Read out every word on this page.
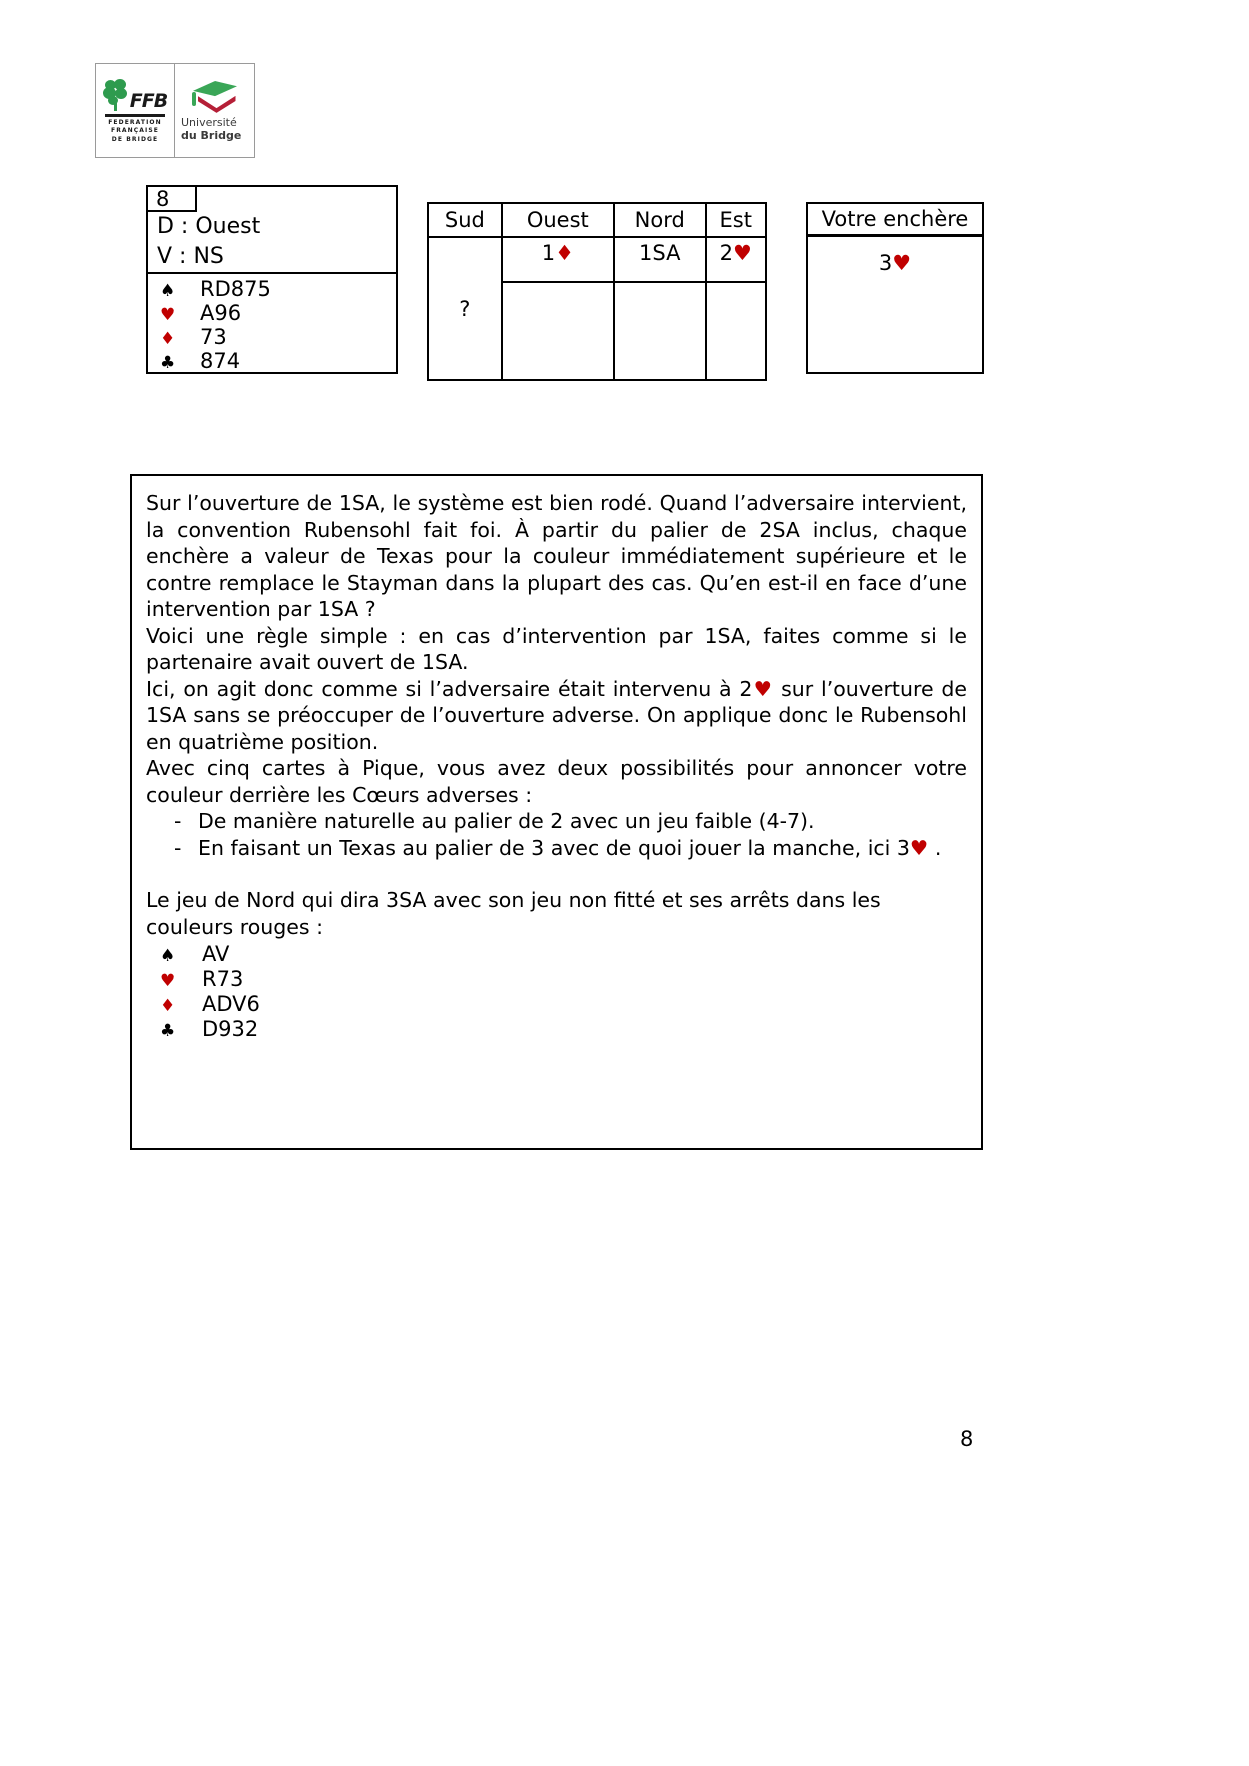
FFB
FEDERATION
FRANÇAISE
DE BRIDGE
Université
du Bridge
D : Ouest
V : NS
♠	RD875
♥	A96
♦	73
♣	874
8
Sud	Ouest	Nord	Est
?	1♦	1SA	2♥

Votre enchère
3♥

Sur l’ouverture de 1SA, le système est bien rodé. Quand l’adversaire intervient, la convention Rubensohl fait foi. À partir du palier de 2SA inclus, chaque enchère a valeur de Texas pour la couleur immédiatement supérieure et le contre remplace le Stayman dans la plupart des cas. Qu’en est-il en face d’une intervention par 1SA ?

Voici une règle simple : en cas d’intervention par 1SA, faites comme si le partenaire avait ouvert de 1SA.

Ici, on agit donc comme si l’adversaire était intervenu à 2♥ sur l’ouverture de 1SA sans se préoccuper de l’ouverture adverse. On applique donc le Rubensohl en quatrième position.

Avec cinq cartes à Pique, vous avez deux possibilités pour annoncer votre couleur derrière les Cœurs adverses :

- De manière naturelle au palier de 2 avec un jeu faible (4-7).
- En faisant un Texas au palier de 3 avec de quoi jouer la manche, ici 3♥ .

Le jeu de Nord qui dira 3SA avec son jeu non fitté et ses arrêts dans les couleurs rouges :

♠	AV
♥	R73
♦	ADV6
♣	D932
8
